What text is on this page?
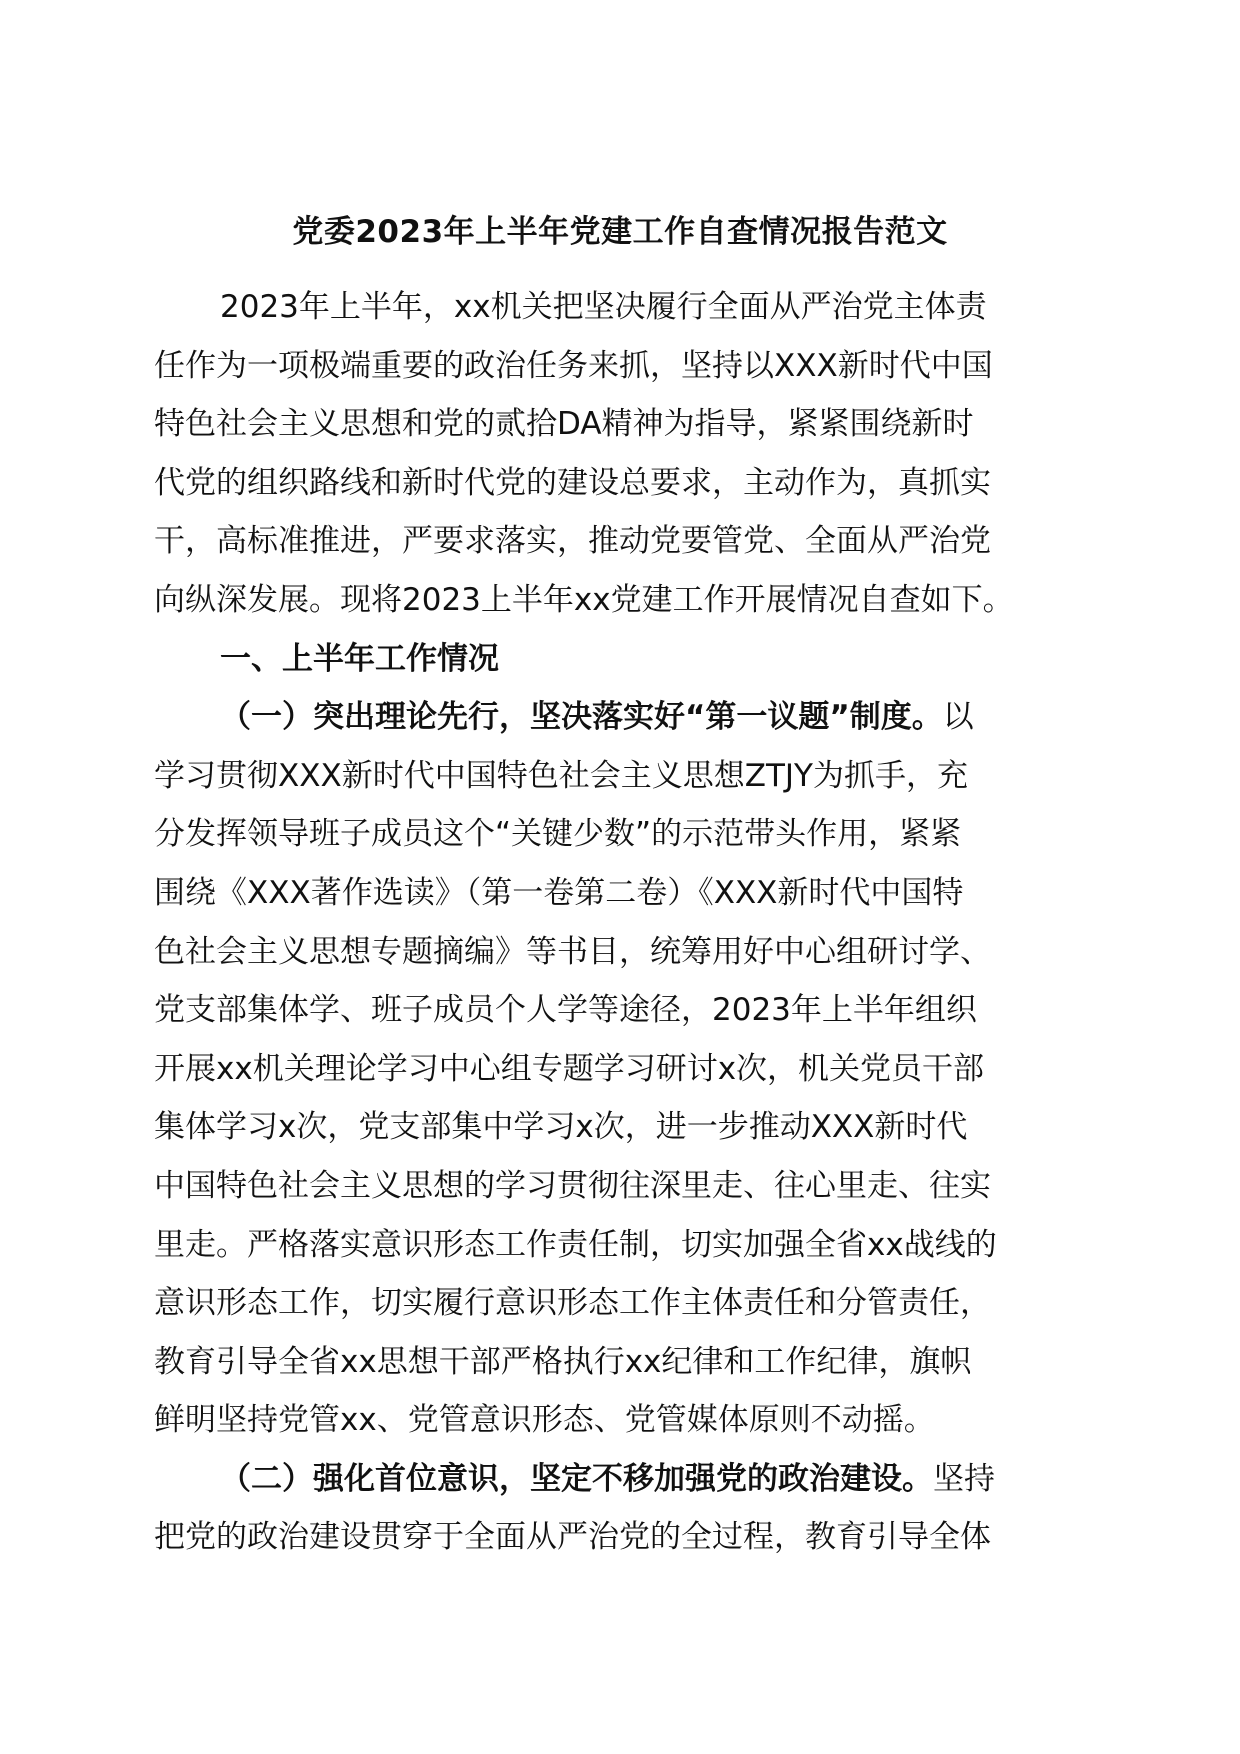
党委2023年上半年党建工作自查情况报告范文
2023年上半年，xx机关把坚决履行全面从严治党主体责
任作为一项极端重要的政治任务来抓，坚持以XXX新时代中国
特色社会主义思想和党的贰拾DA精神为指导，紧紧围绕新时
代党的组织路线和新时代党的建设总要求，主动作为，真抓实
干，高标准推进，严要求落实，推动党要管党、全面从严治党
向纵深发展。现将2023上半年xx党建工作开展情况自查如下。
一、上半年工作情况
（一）突出理论先行，坚决落实好“第一议题”制度。以
学习贯彻XXX新时代中国特色社会主义思想ZTJY为抓手，充
分发挥领导班子成员这个“关键少数”的示范带头作用，紧紧
围绕《XXX著作选读》（第一卷第二卷）《XXX新时代中国特
色社会主义思想专题摘编》等书目，统筹用好中心组研讨学、
党支部集体学、班子成员个人学等途径，2023年上半年组织
开展xx机关理论学习中心组专题学习研讨x次，机关党员干部
集体学习x次，党支部集中学习x次，进一步推动XXX新时代
中国特色社会主义思想的学习贯彻往深里走、往心里走、往实
里走。严格落实意识形态工作责任制，切实加强全省xx战线的
意识形态工作，切实履行意识形态工作主体责任和分管责任，
教育引导全省xx思想干部严格执行xx纪律和工作纪律，旗帜
鲜明坚持党管xx、党管意识形态、党管媒体原则不动摇。
（二）强化首位意识，坚定不移加强党的政治建设。坚持
把党的政治建设贯穿于全面从严治党的全过程，教育引导全体
